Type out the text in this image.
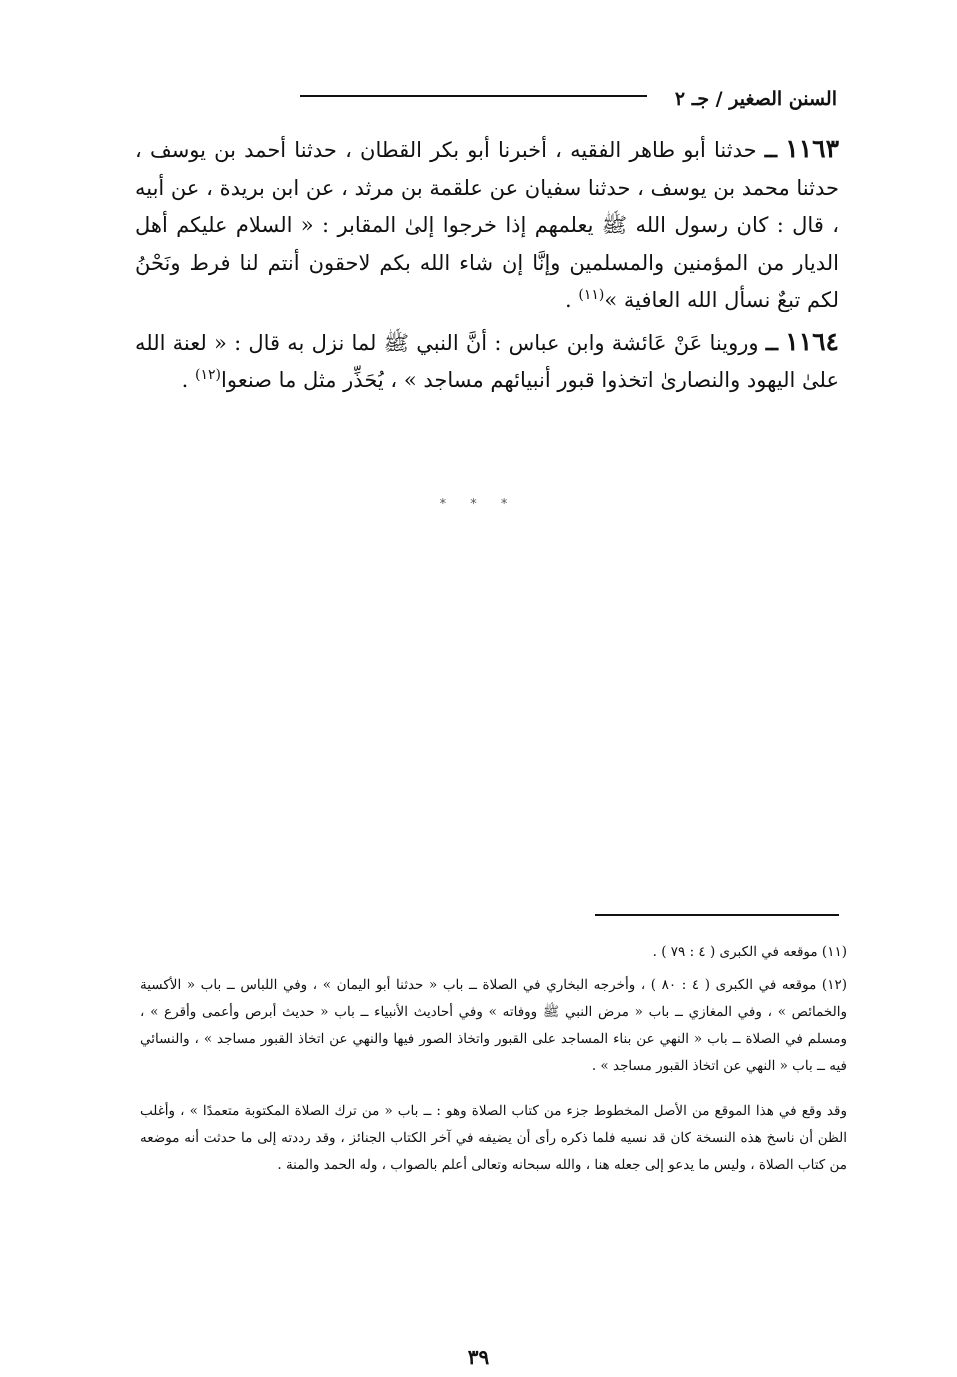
السنن الصغير / جـ ٢

١١٦٣ ــ حدثنا أبو طاهر الفقيه ، أخبرنا أبو بكر القطان ، حدثنا أحمد بن يوسف ، حدثنا محمد بن يوسف ، حدثنا سفيان عن علقمة بن مرثد ، عن ابن بريدة ، عن أبيه ، قال : كان رسول الله ﷺ يعلمهم إذا خرجوا إلىٰ المقابر : « السلام عليكم أهل الديار من المؤمنين والمسلمين وإنَّا إن شاء الله بكم لاحقون أنتم لنا فرط ونَحْنُ لكم تبعٌ نسأل الله العافية »$^{(١١)}$ .

١١٦٤ ــ وروينا عَنْ عَائشة وابن عباس : أنَّ النبي ﷺ لما نزل به قال : « لعنة الله علىٰ اليهود والنصارىٰ اتخذوا قبور أنبيائهم مساجد » ، يُحَذِّر مثل ما صنعوا$^{(١٢)}$ .

* * *

(١١) موقعه في الكبرى ( ٤ : ٧٩ ) .

(١٢) موقعه في الكبرى ( ٤ : ٨٠ ) ، وأخرجه البخاري في الصلاة ــ باب « حدثنا أبو اليمان » ، وفي اللباس ــ باب « الأكسية والخمائص » ، وفي المغازي ــ باب « مرض النبي ﷺ ووفاته » وفي أحاديث الأنبياء ــ باب « حديث أبرص وأعمى وأقرع » ، ومسلم في الصلاة ــ باب « النهي عن بناء المساجد على القبور واتخاذ الصور فيها والنهي عن اتخاذ القبور مساجد » ، والنسائي فيه ــ باب « النهي عن اتخاذ القبور مساجد » .

وقد وقع في هذا الموقع من الأصل المخطوط جزء من كتاب الصلاة وهو : ــ باب « من ترك الصلاة المكتوبة متعمدًا » ، وأغلب الظن أن ناسخ هذه النسخة كان قد نسيه فلما ذكره رأى أن يضيفه في آخر الكتاب الجنائز ، وقد رددته إلى ما حدثت أنه موضعه من كتاب الصلاة ، وليس ما يدعو إلى جعله هنا ، والله سبحانه وتعالى أعلم بالصواب ، وله الحمد والمنة .

٣٩
